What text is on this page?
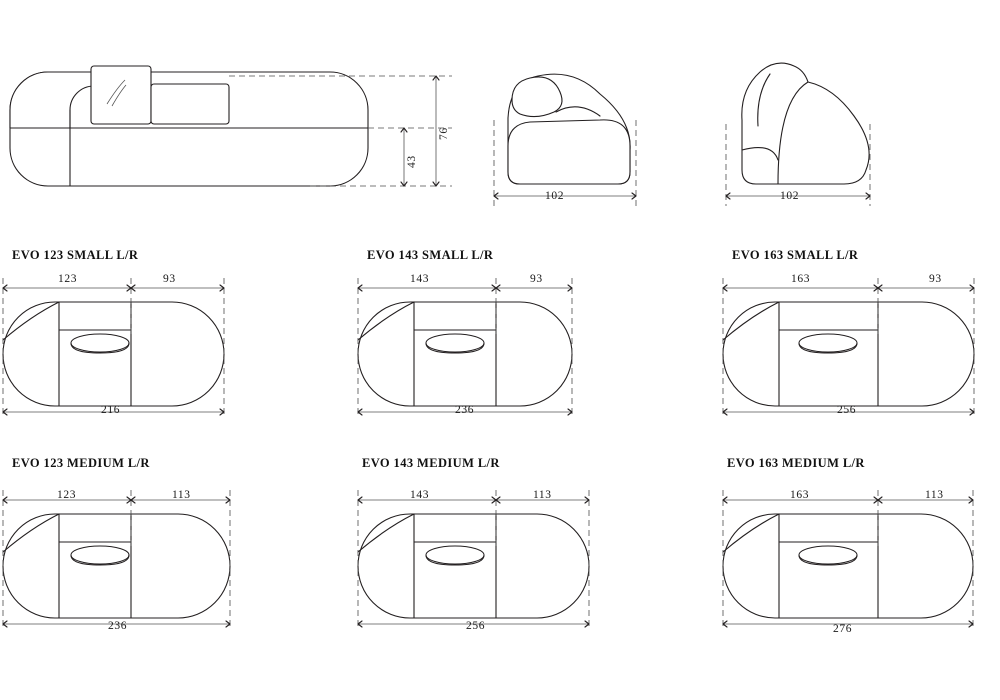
76
43
102	102
EVO 123 SMALL L/R	EVO 143 SMALL L/R	EVO 163 SMALL L/R
123	93
216
143	93
236
163	93
256
EVO 123 MEDIUM L/R	EVO 143 MEDIUM L/R	EVO 163 MEDIUM L/R
123	113
236
143	113
256
163	113
276
